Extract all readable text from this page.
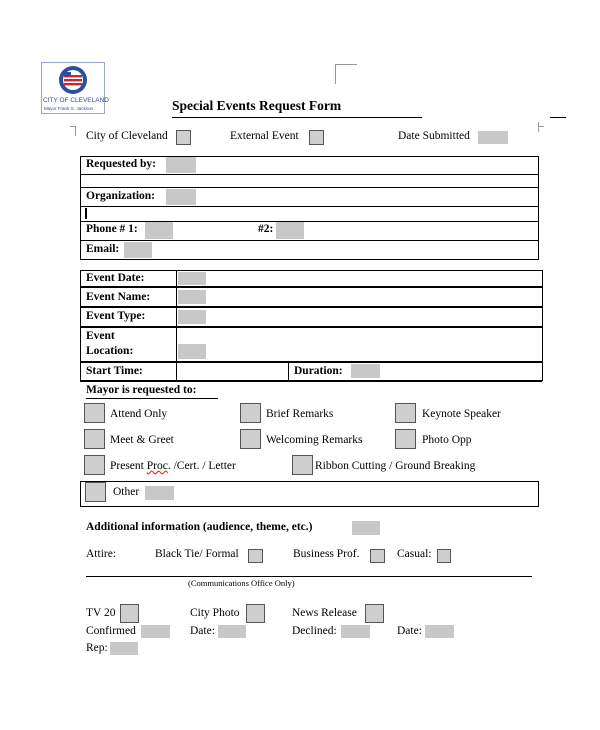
CITY OF CLEVELAND
Mayor Frank G. Jackson	Special Events Request Form
City of Cleveland	External Event	Date Submitted
Requested by:
Organization:
Phone # 1:	#2:
Email:
Event Date:
Event Name:
Event Type:
Event
Location:
Start Time:	Duration:
Mayor is requested to:
Attend Only	Brief Remarks	Keynote Speaker
Meet & Greet	Welcoming Remarks	Photo Opp
Present Proc. /Cert. / Letter	Ribbon Cutting / Ground Breaking
Other
Additional information (audience, theme, etc.)
Attire:	Black Tie/ Formal	Business Prof.	Casual:
(Communications Office Only)
TV 20	City Photo	News Release
Confirmed	Date:	Declined:	Date:
Rep:
